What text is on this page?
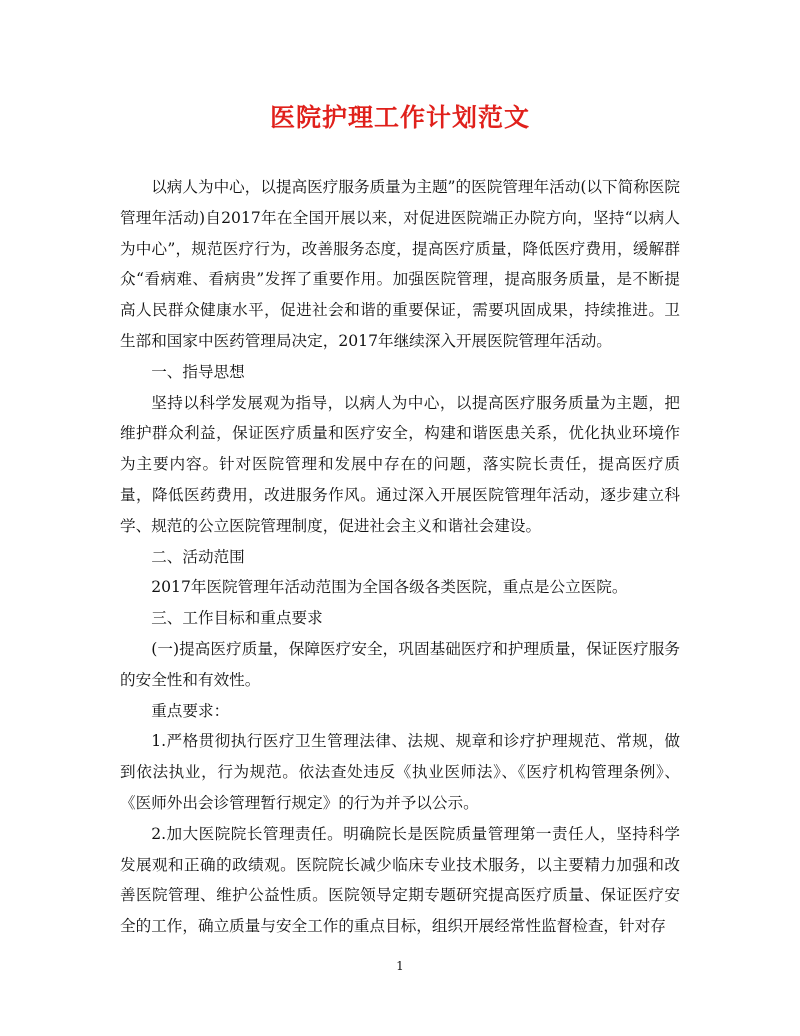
医院护理工作计划范文

以病人为中心，以提高医疗服务质量为主题”的医院管理年活动(以下简称医院管理年活动)自2017年在全国开展以来，对促进医院端正办院方向，坚持“以病人为中心”，规范医疗行为，改善服务态度，提高医疗质量，降低医疗费用，缓解群众“看病难、看病贵”发挥了重要作用。加强医院管理，提高服务质量，是不断提高人民群众健康水平，促进社会和谐的重要保证，需要巩固成果，持续推进。卫生部和国家中医药管理局决定，2017年继续深入开展医院管理年活动。

一、指导思想

坚持以科学发展观为指导，以病人为中心，以提高医疗服务质量为主题，把维护群众利益，保证医疗质量和医疗安全，构建和谐医患关系，优化执业环境作为主要内容。针对医院管理和发展中存在的问题，落实院长责任，提高医疗质量，降低医药费用，改进服务作风。通过深入开展医院管理年活动，逐步建立科学、规范的公立医院管理制度，促进社会主义和谐社会建设。

二、活动范围

2017年医院管理年活动范围为全国各级各类医院，重点是公立医院。

三、工作目标和重点要求

(一)提高医疗质量，保障医疗安全，巩固基础医疗和护理质量，保证医疗服务的安全性和有效性。

重点要求：

1.严格贯彻执行医疗卫生管理法律、法规、规章和诊疗护理规范、常规，做到依法执业，行为规范。依法查处违反《执业医师法》、《医疗机构管理条例》、《医师外出会诊管理暂行规定》的行为并予以公示。

2.加大医院院长管理责任。明确院长是医院质量管理第一责任人，坚持科学发展观和正确的政绩观。医院院长减少临床专业技术服务，以主要精力加强和改善医院管理、维护公益性质。医院领导定期专题研究提高医疗质量、保证医疗安全的工作，确立质量与安全工作的重点目标，组织开展经常性监督检查，针对存

1
